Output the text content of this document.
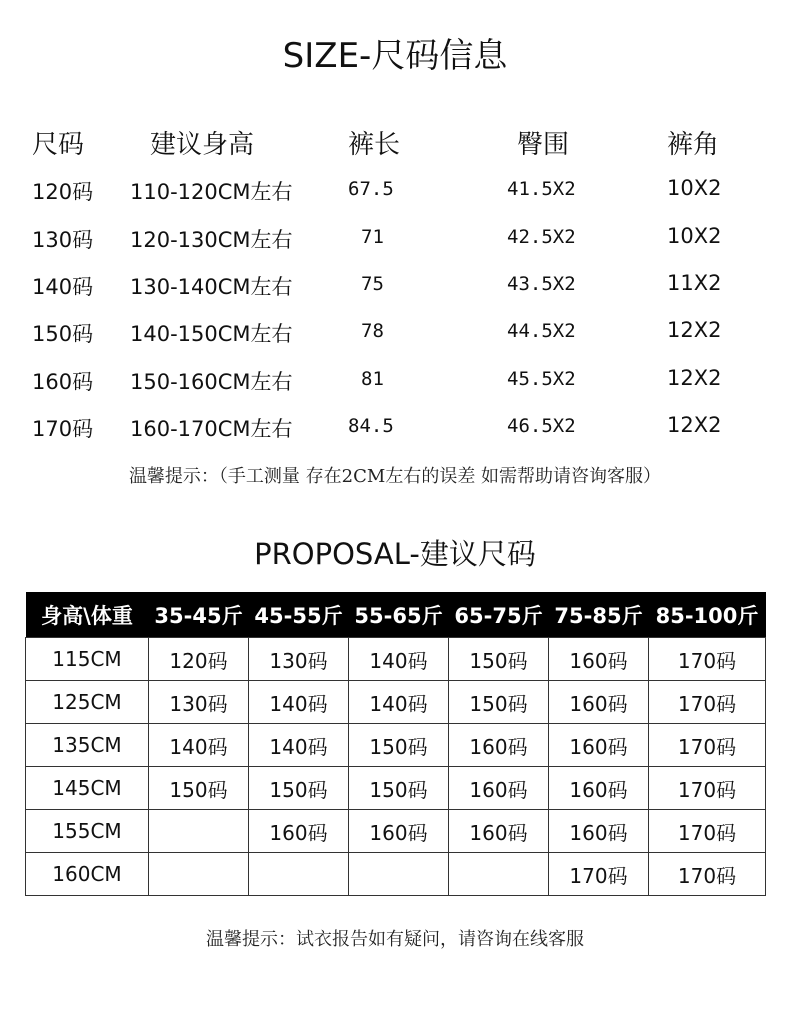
SIZE-尺码信息
尺码	建议身高	裤长	臀围	裤角
120码 110-120CM左右	67.5	41.5X2	10X2
130码 120-130CM左右	71	42.5X2	10X2
140码 130-140CM左右	75	43.5X2	11X2
150码 140-150CM左右	78	44.5X2	12X2
160码 150-160CM左右	81	45.5X2	12X2
170码 160-170CM左右	84.5	46.5X2	12X2
温馨提示：（手工测量 存在2CM左右的误差 如需帮助请咨询客服）
PROPOSAL-建议尺码
身高\体重	35-45斤	45-55斤	55-65斤	65-75斤	75-85斤	85-100斤
115CM	120码	130码	140码	150码	160码	170码
125CM	130码	140码	140码	150码	160码	170码
135CM	140码	140码	150码	160码	160码	170码
145CM	150码	150码	150码	160码	160码	170码
155CM		160码	160码	160码	160码	170码
160CM					170码	170码
温馨提示：试衣报告如有疑问，请咨询在线客服
